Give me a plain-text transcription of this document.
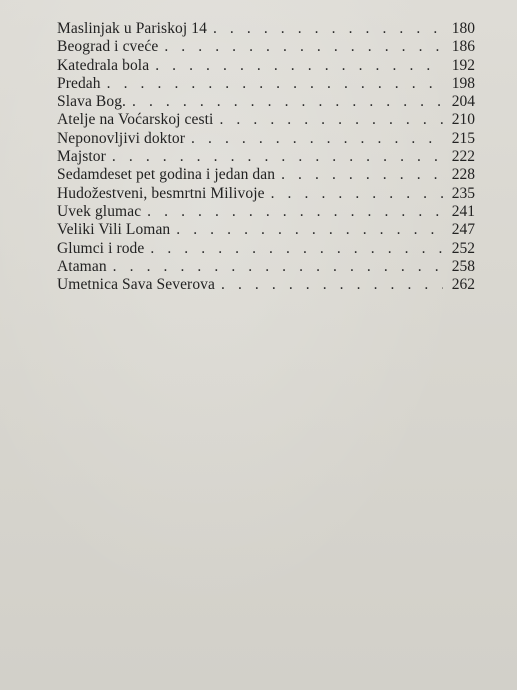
Maslinjak u Pariskoj 14 . . .	180
Beograd i cveće . . .	186
Katedrala bola . . .	192
Predah . . .	198
Slava Bog. . . .	204
Atelje na Voćarskoj cesti . . .	210
Neponovljivi doktor . . .	215
Majstor . . .	222
Sedamdeset pet godina i jedan dan . . .	228
Hudožestveni, besmrtni Milivoje . . .	235
Uvek glumac . . .	241
Veliki Vili Loman . . .	247
Glumci i rode . . .	252
Ataman . . .	258
Umetnica Sava Severova . . .	262
